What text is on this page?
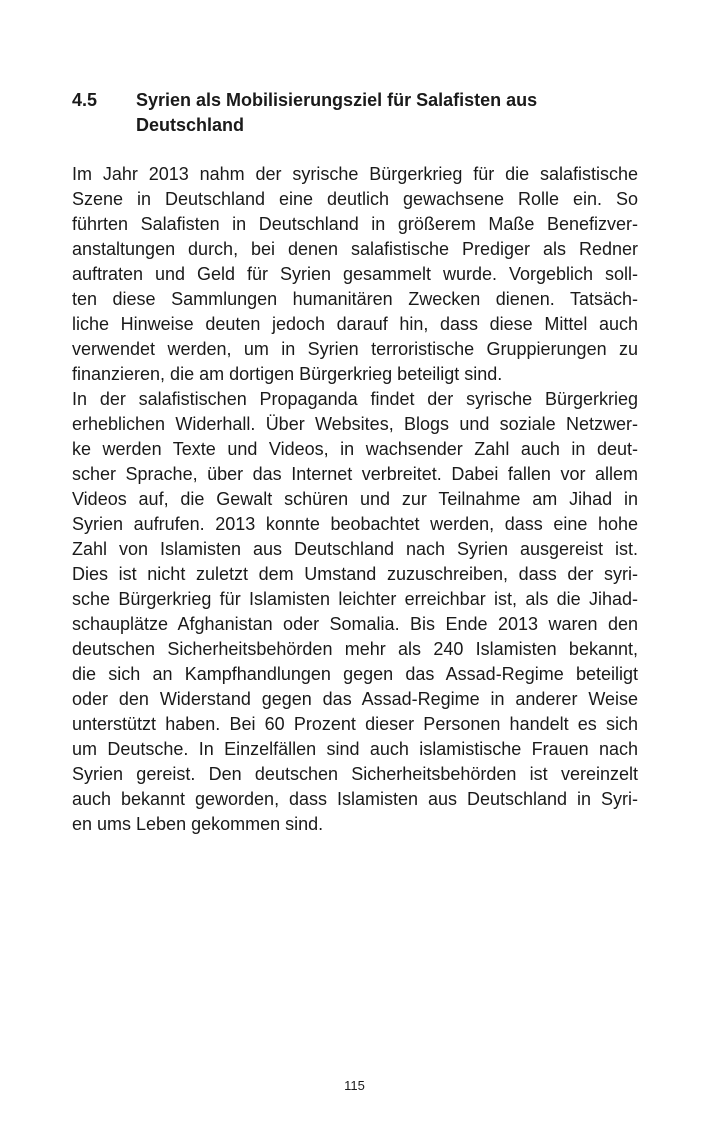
4.5	Syrien als Mobilisierungsziel für Salafisten aus
Deutschland
Im Jahr 2013 nahm der syrische Bürgerkrieg für die salafistische
Szene in Deutschland eine deutlich gewachsene Rolle ein. So
führten Salafisten in Deutschland in größerem Maße Benefizver-
anstaltungen durch, bei denen salafistische Prediger als Redner
auftraten und Geld für Syrien gesammelt wurde. Vorgeblich soll-
ten diese Sammlungen humanitären Zwecken dienen. Tatsäch-
liche Hinweise deuten jedoch darauf hin, dass diese Mittel auch
verwendet werden, um in Syrien terroristische Gruppierungen zu
finanzieren, die am dortigen Bürgerkrieg beteiligt sind.
In der salafistischen Propaganda findet der syrische Bürgerkrieg
erheblichen Widerhall. Über Websites, Blogs und soziale Netzwer-
ke werden Texte und Videos, in wachsender Zahl auch in deut-
scher Sprache, über das Internet verbreitet. Dabei fallen vor allem
Videos auf, die Gewalt schüren und zur Teilnahme am Jihad in
Syrien aufrufen. 2013 konnte beobachtet werden, dass eine hohe
Zahl von Islamisten aus Deutschland nach Syrien ausgereist ist.
Dies ist nicht zuletzt dem Umstand zuzuschreiben, dass der syri-
sche Bürgerkrieg für Islamisten leichter erreichbar ist, als die Jihad-
schauplätze Afghanistan oder Somalia. Bis Ende 2013 waren den
deutschen Sicherheitsbehörden mehr als 240 Islamisten bekannt,
die sich an Kampfhandlungen gegen das Assad-Regime beteiligt
oder den Widerstand gegen das Assad-Regime in anderer Weise
unterstützt haben. Bei 60 Prozent dieser Personen handelt es sich
um Deutsche. In Einzelfällen sind auch islamistische Frauen nach
Syrien gereist. Den deutschen Sicherheitsbehörden ist vereinzelt
auch bekannt geworden, dass Islamisten aus Deutschland in Syri-
en ums Leben gekommen sind.
115
